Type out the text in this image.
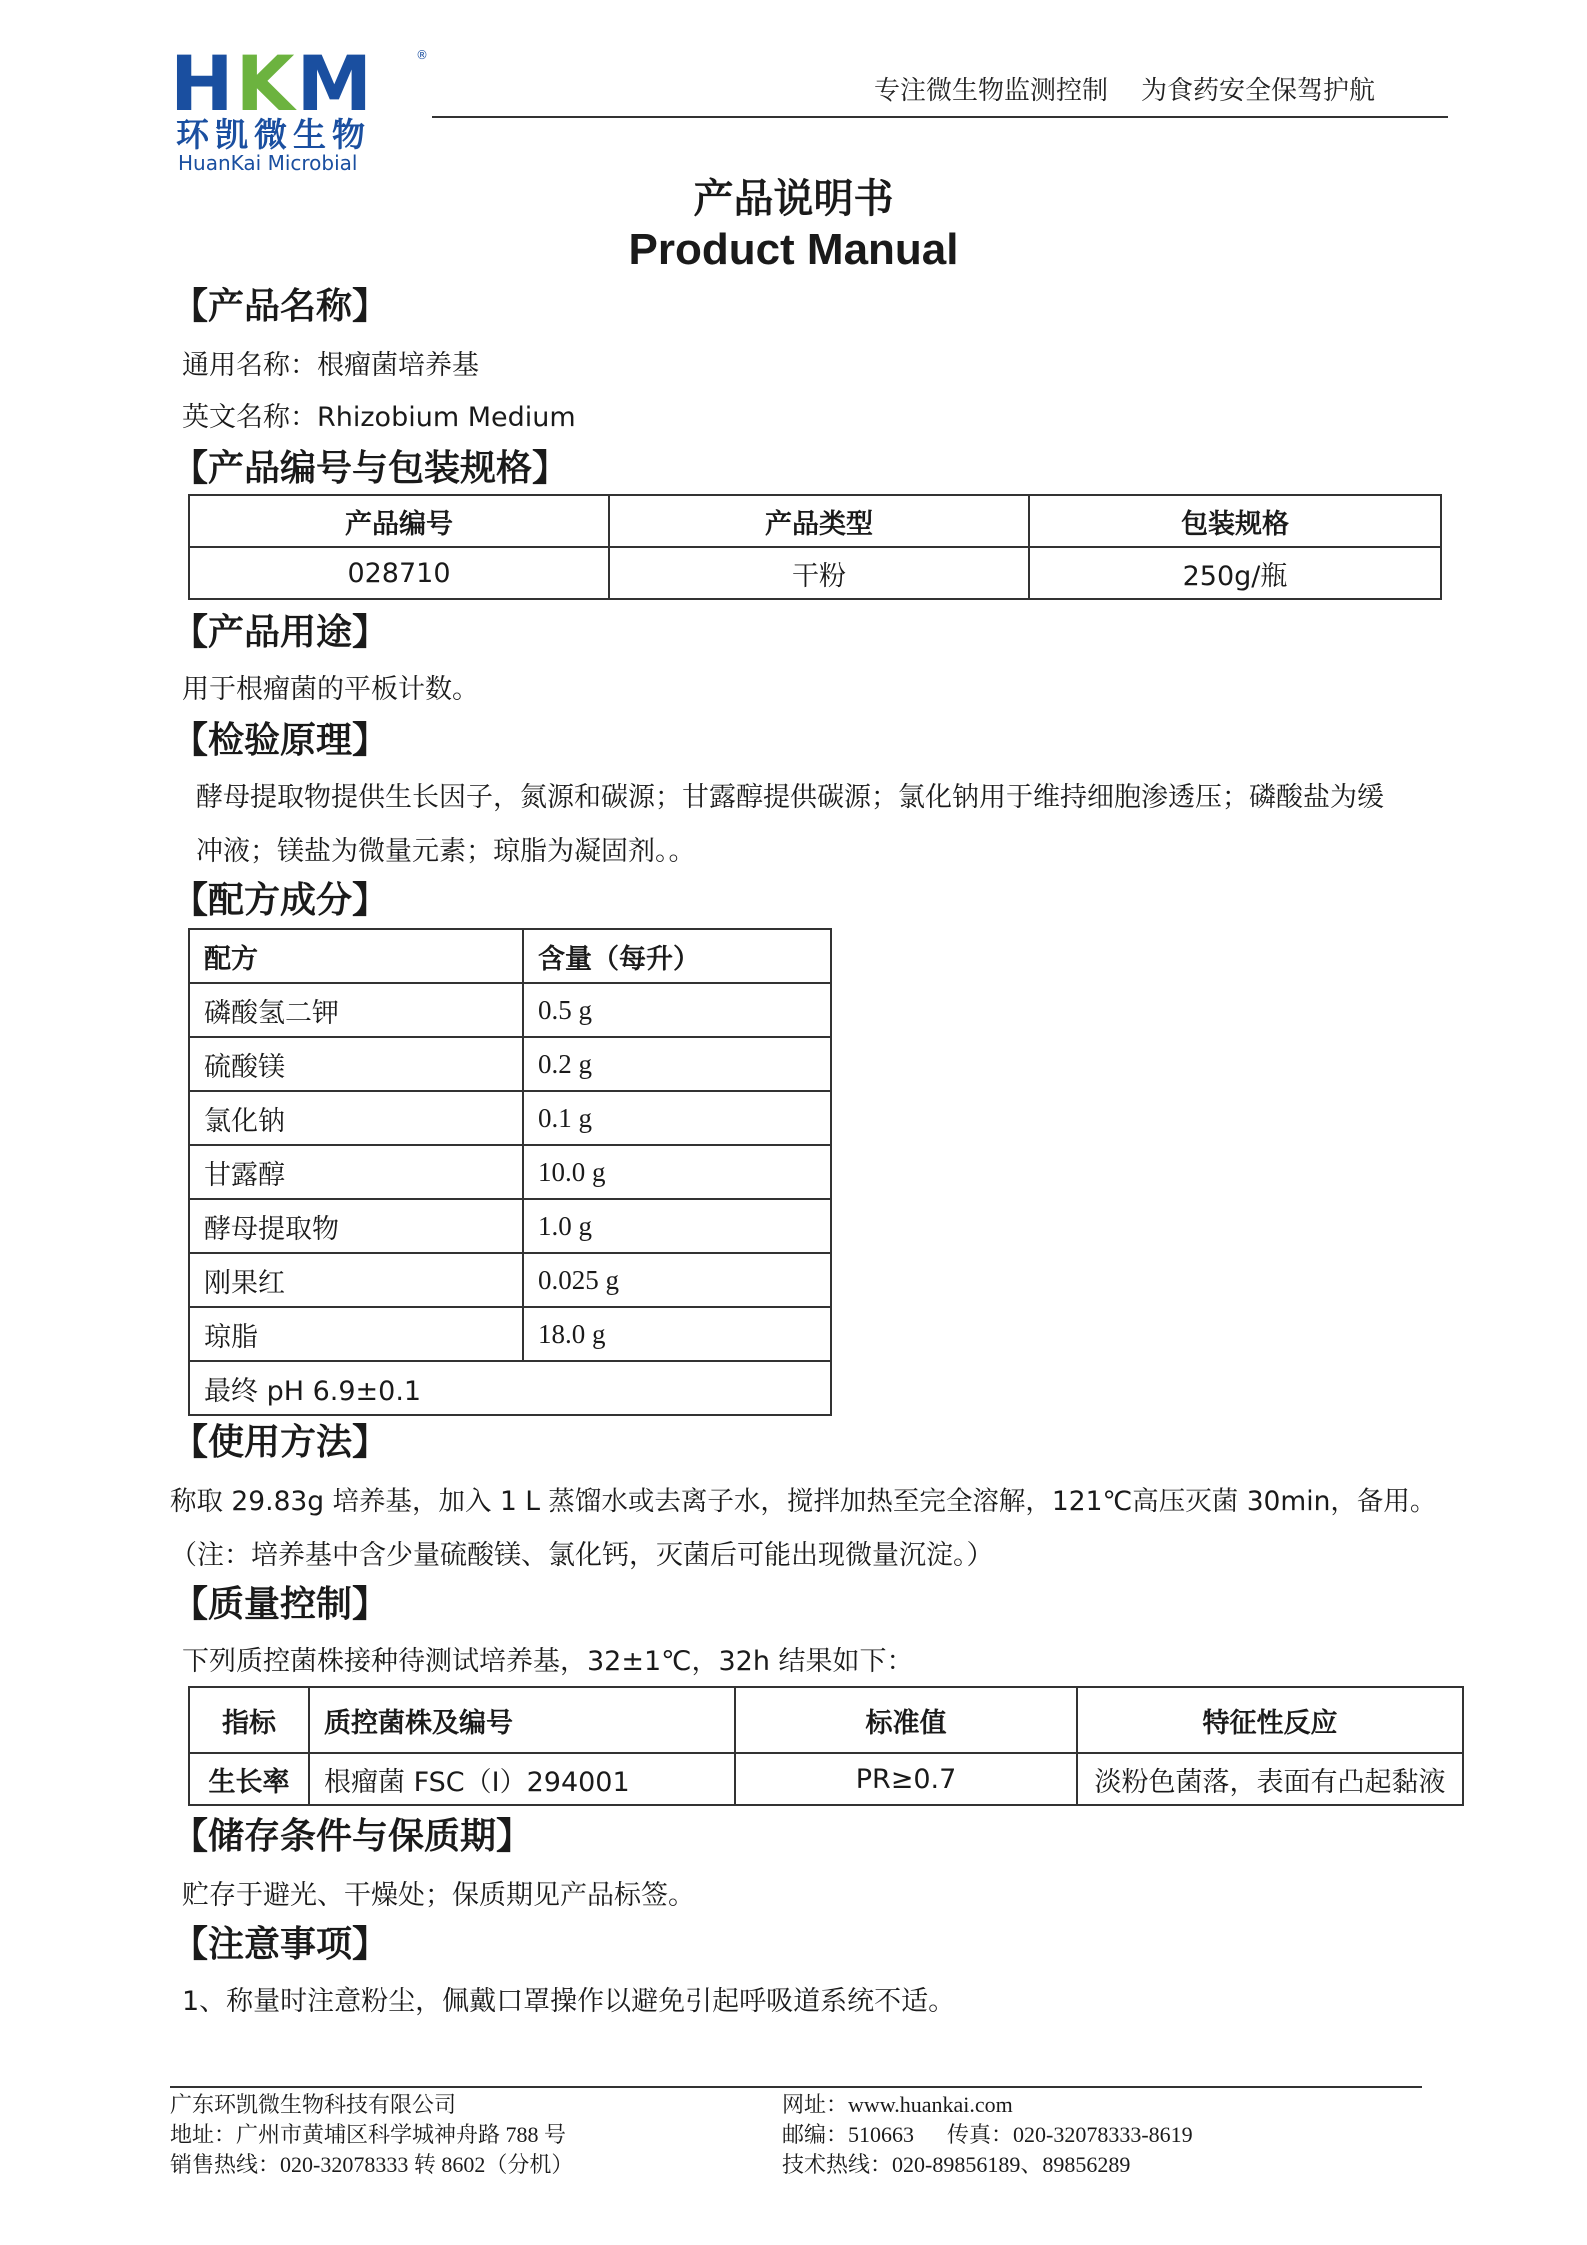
HKM	®
环凯微生物
HuanKai Microbial
专注微生物监测控制    为食药安全保驾护航
产品说明书
Product Manual
【产品名称】
通用名称：根瘤菌培养基
英文名称：Rhizobium Medium
【产品编号与包装规格】
产品编号	产品类型	包装规格
028710	干粉	250g/瓶
【产品用途】
用于根瘤菌的平板计数。
【检验原理】
酵母提取物提供生长因子，氮源和碳源；甘露醇提供碳源；氯化钠用于维持细胞渗透压；磷酸盐为缓
冲液；镁盐为微量元素；琼脂为凝固剂。。
【配方成分】
配方	含量（每升）
磷酸氢二钾	0.5 g
硫酸镁	0.2 g
氯化钠	0.1 g
甘露醇	10.0 g
酵母提取物	1.0 g
刚果红	0.025 g
琼脂	18.0 g
最终 pH 6.9±0.1	
【使用方法】
称取 29.83g 培养基，加入 1 L 蒸馏水或去离子水，搅拌加热至完全溶解，121℃高压灭菌 30min，备用。
（注：培养基中含少量硫酸镁、氯化钙，灭菌后可能出现微量沉淀。）
【质量控制】
下列质控菌株接种待测试培养基，32±1℃，32h 结果如下：
指标	质控菌株及编号	标准值	特征性反应
生长率	根瘤菌 FSC（I）294001	PR≥0.7	淡粉色菌落，表面有凸起黏液
【储存条件与保质期】
贮存于避光、干燥处；保质期见产品标签。
【注意事项】
1、称量时注意粉尘，佩戴口罩操作以避免引起呼吸道系统不适。
广东环凯微生物科技有限公司
地址：广州市黄埔区科学城神舟路 788 号
销售热线：020-32078333 转 8602（分机）
网址：www.huankai.com
邮编：510663      传真：020-32078333-8619
技术热线：020-89856189、89856289
